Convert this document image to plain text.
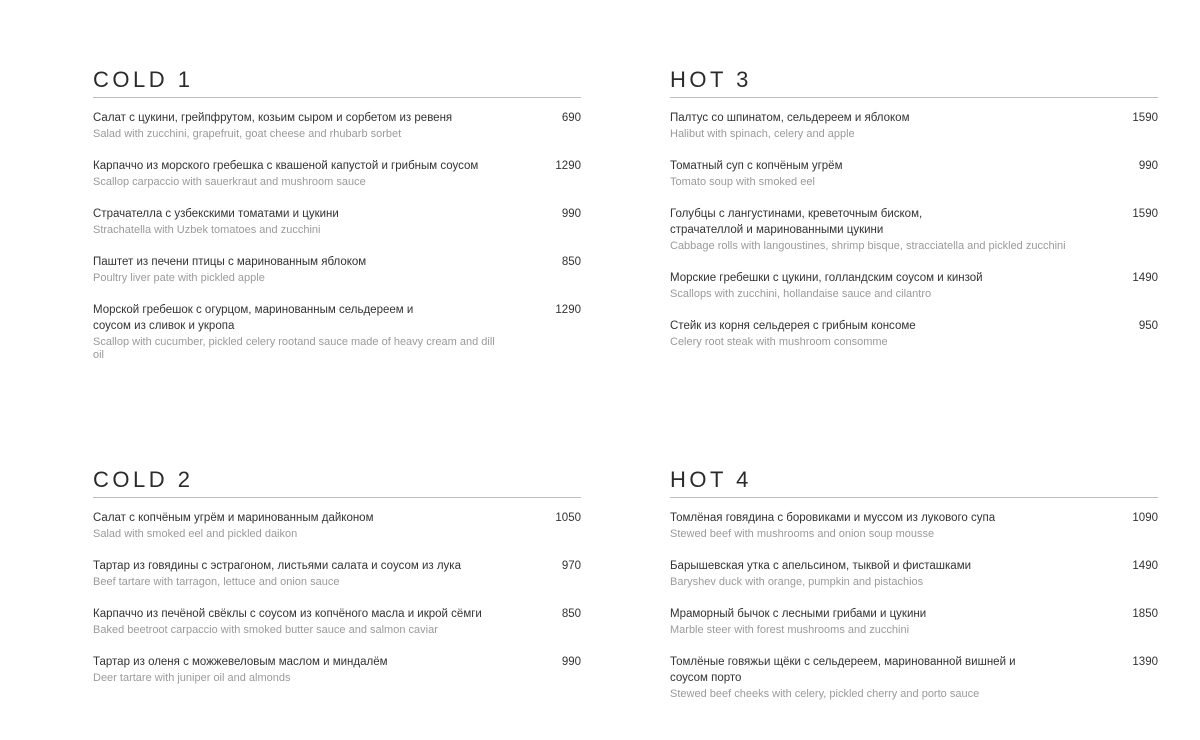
COLD 1
Салат с цукини, грейпфрутом, козьим сыром и сорбетом из ревеня
Salad with zucchini, grapefruit, goat cheese and rhubarb sorbet
690
Карпаччо из морского гребешка с квашеной капустой и грибным соусом
Scallop carpaccio with sauerkraut and mushroom sauce
1290
Страчателла с узбекскими томатами и цукини
Strachatella with Uzbek tomatoes and zucchini
990
Паштет из печени птицы с маринованным яблоком
Poultry liver pate with pickled apple
850
Морской гребешок с огурцом, маринованным сельдереем и соусом из сливок и укропа
Scallop with cucumber, pickled celery rootand sauce made of heavy cream and dill oil
1290
HOT 3
Палтус со шпинатом, сельдереем и яблоком
Halibut with spinach, celery and apple
1590
Томатный суп с копчёным угрём
Tomato soup with smoked eel
990
Голубцы с лангустинами, креветочным биском, страчателлой и маринованными цукини
Cabbage rolls with langoustines, shrimp bisque, stracciatella and pickled zucchini
1590
Морские гребешки с цукини, голландским соусом и кинзой
Scallops with zucchini, hollandaise sauce and cilantro
1490
Стейк из корня сельдерея с грибным консоме
Celery root steak with mushroom consomme
950
COLD 2
Салат с копчёным угрём и маринованным дайконом
Salad with smoked eel and pickled daikon
1050
Тартар из говядины с эстрагоном, листьями салата и соусом из лука
Beef tartare with tarragon, lettuce and onion sauce
970
Карпаччо из печёной свёклы с соусом из копчёного масла и икрой сёмги
Baked beetroot carpaccio with smoked butter sauce and salmon caviar
850
Тартар из оленя с можжевеловым маслом и миндалём
Deer tartare with juniper oil and almonds
990
HOT 4
Томлёная говядина с боровиками и муссом из лукового супа
Stewed beef with mushrooms and onion soup mousse
1090
Барышевская утка с апельсином, тыквой и фисташками
Baryshev duck with orange, pumpkin and pistachios
1490
Мраморный бычок с лесными грибами и цукини
Marble steer with forest mushrooms and zucchini
1850
Томлёные говяжьи щёки с сельдереем, маринованной вишней и соусом порто
Stewed beef cheeks with celery, pickled cherry and porto sauce
1390
